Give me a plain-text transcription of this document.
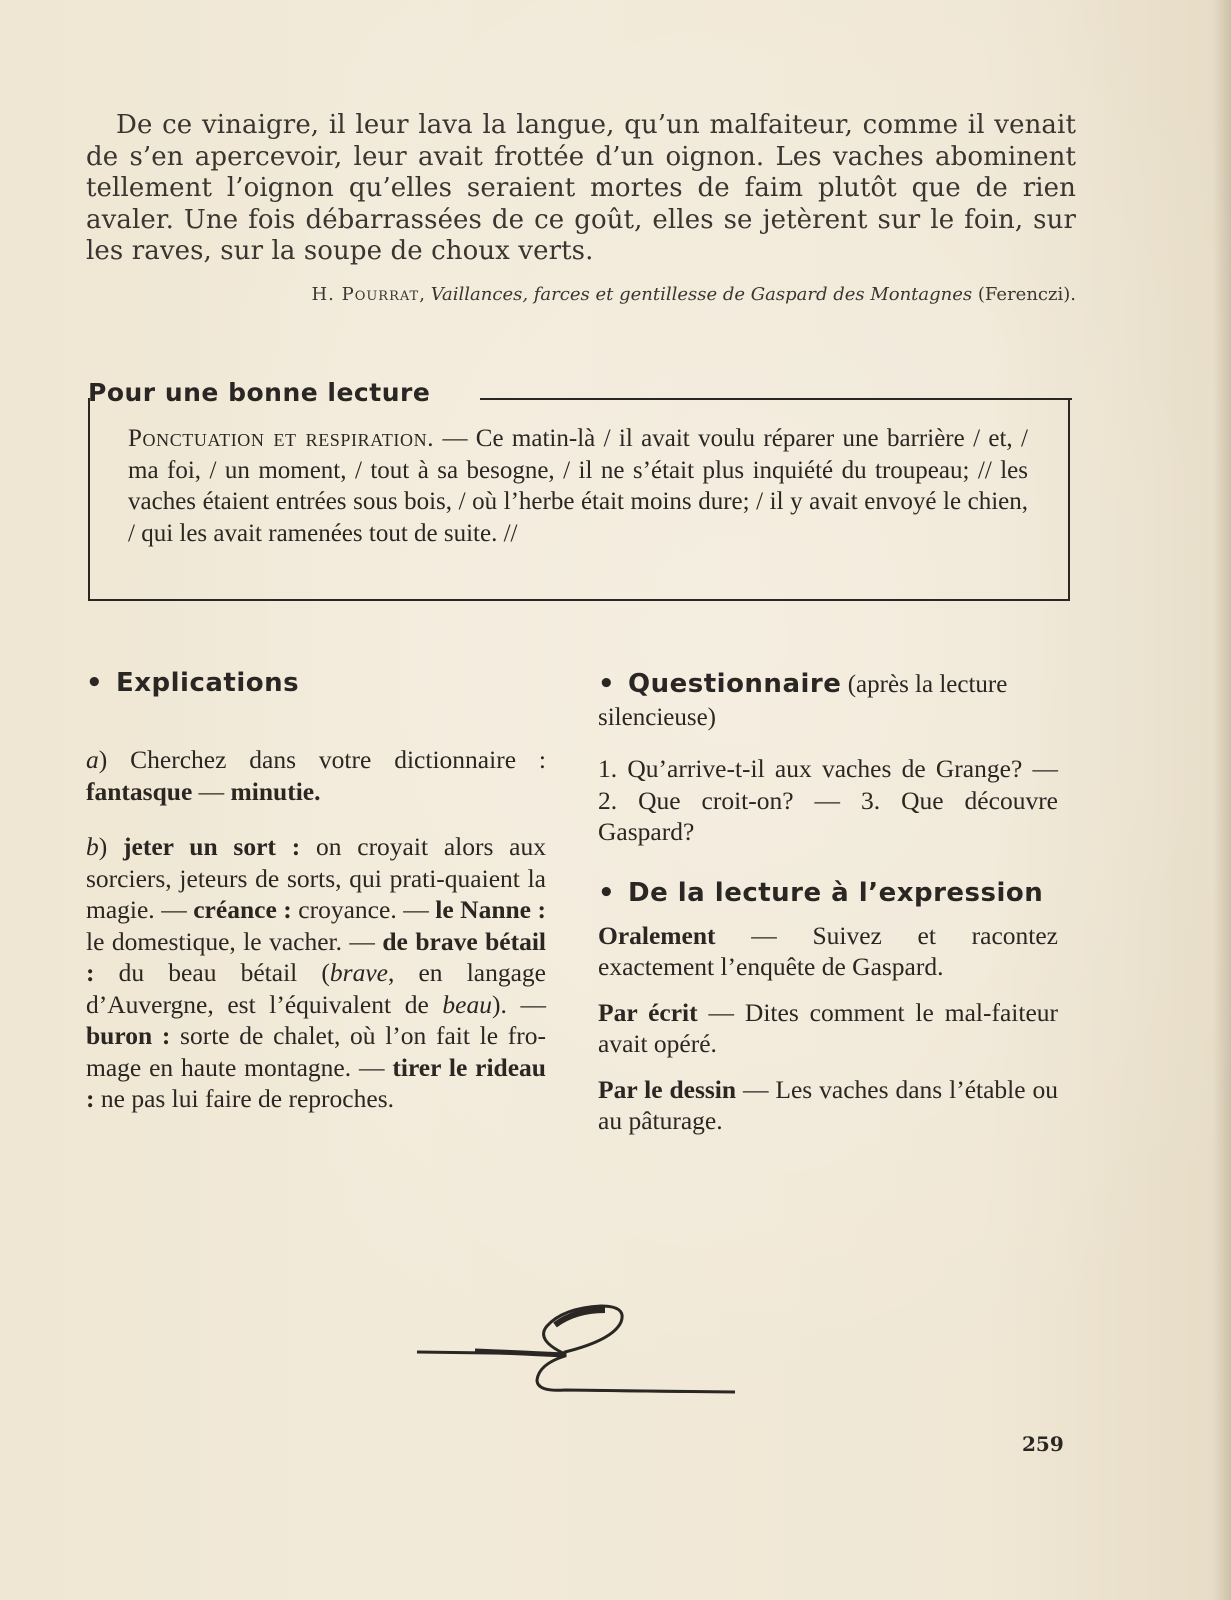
De ce vinaigre, il leur lava la langue, qu’un malfaiteur, comme il venait de s’en apercevoir, leur avait frottée d’un oignon. Les vaches abominent tellement l’oignon qu’elles seraient mortes de faim plutôt que de rien avaler. Une fois débarrassées de ce goût, elles se jetèrent sur le foin, sur les raves, sur la soupe de choux verts.

H. Pourrat, Vaillances, farces et gentillesse de Gaspard des Montagnes (Ferenczi).
Pour une bonne lecture
Ponctuation et respiration. — Ce matin-là / il avait voulu réparer une barrière / et, / ma foi, / un moment, / tout à sa besogne, / il ne s’était plus inquiété du troupeau; // les vaches étaient entrées sous bois, / où l’herbe était moins dure; / il y avait envoyé le chien, / qui les avait ramenées tout de suite. //
• Explications

a) Cherchez dans votre dictionnaire : fantasque — minutie.

b) jeter un sort : on croyait alors aux sorciers, jeteurs de sorts, qui prati-quaient la magie. — créance : croyance. — le Nanne : le domestique, le vacher. — de brave bétail : du beau bétail (brave, en langage d’Auvergne, est l’équivalent de beau). — buron : sorte de chalet, où l’on fait le fro-mage en haute montagne. — tirer le rideau : ne pas lui faire de reproches.

• Questionnaire (après la lecture silencieuse)

1. Qu’arrive-t-il aux vaches de Grange? — 2. Que croit-on? — 3. Que découvre Gaspard?

• De la lecture à l’expression

Oralement — Suivez et racontez exactement l’enquête de Gaspard.

Par écrit — Dites comment le mal-faiteur avait opéré.

Par le dessin — Les vaches dans l’étable ou au pâturage.

259
